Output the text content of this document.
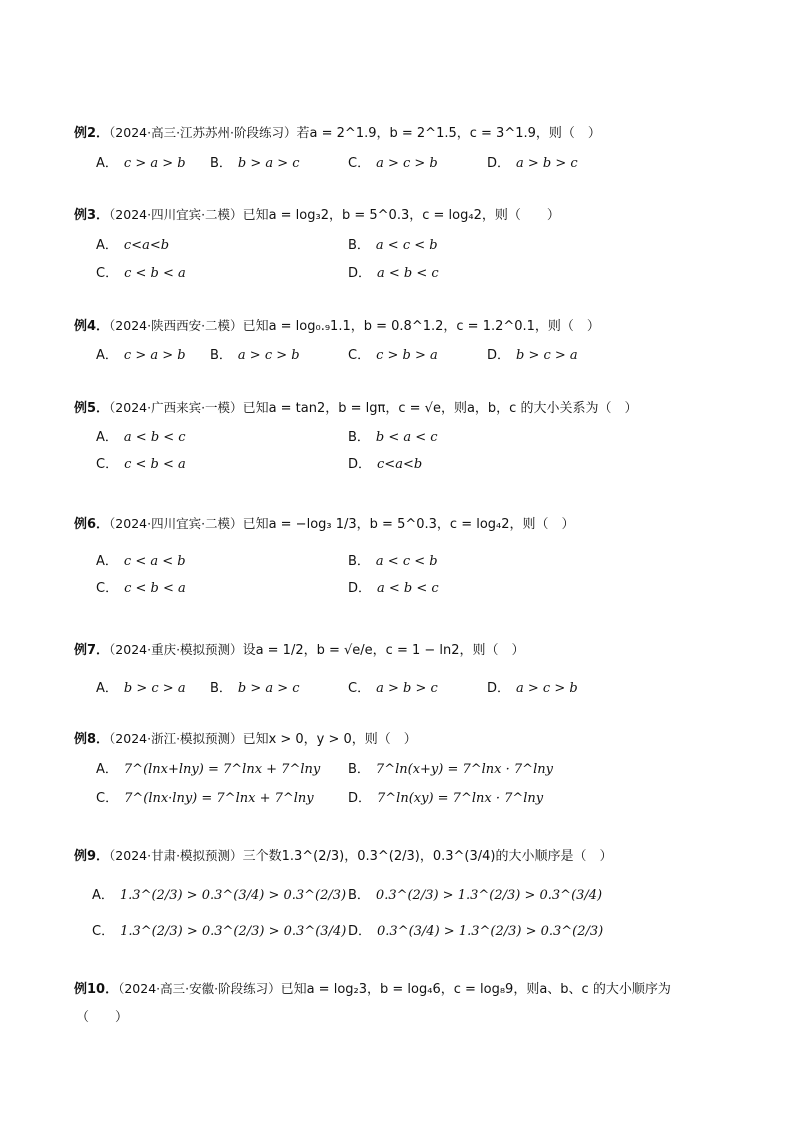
例2．（2024·高三·江苏苏州·阶段练习）若a = 2^1.9，b = 2^1.5，c = 3^1.9，则（　）
A． c > a > b B． b > a > c	C． a > c > b	D． a > b > c
例3．（2024·四川宜宾·二模）已知a = log₃2，b = 5^0.3，c = log₄2，则（　　）
A． c<a<b	B． a < c < b
C． c < b < a	D． a < b < c
例4．（2024·陕西西安·二模）已知a = log₀.₉1.1，b = 0.8^1.2，c = 1.2^0.1，则（　）
A． c > a > b B． a > c > b	C． c > b > a	D． b > c > a
例5．（2024·广西来宾·一模）已知a = tan2，b = lgπ，c = √e，则a，b，c 的大小关系为（　）
A． a < b < c	B． b < a < c
C． c < b < a	D． c<a<b
例6．（2024·四川宜宾·二模）已知a = −log₃ 1/3，b = 5^0.3，c = log₄2，则（　）
A． c < a < b	B． a < c < b
C． c < b < a	D． a < b < c
例7．（2024·重庆·模拟预测）设a = 1/2，b = √e/e，c = 1 − ln2，则（　）
A． b > c > a B． b > a > c	C． a > b > c	D． a > c > b
例8．（2024·浙江·模拟预测）已知x > 0，y > 0，则（　）
A． 7^(lnx+lny) = 7^lnx + 7^lny B． 7^ln(x+y) = 7^lnx · 7^lny
C． 7^(lnx·lny) = 7^lnx + 7^lny	D． 7^ln(xy) = 7^lnx · 7^lny
例9．（2024·甘肃·模拟预测）三个数1.3^(2/3)，0.3^(2/3)，0.3^(3/4)的大小顺序是（　）
A． 1.3^(2/3) > 0.3^(3/4) > 0.3^(2/3) B． 0.3^(2/3) > 1.3^(2/3) > 0.3^(3/4)
C． 1.3^(2/3) > 0.3^(2/3) > 0.3^(3/4) D． 0.3^(3/4) > 1.3^(2/3) > 0.3^(2/3)
例10．（2024·高三·安徽·阶段练习）已知a = log₂3，b = log₄6，c = log₈9，则a、b、c 的大小顺序为
（　　）
